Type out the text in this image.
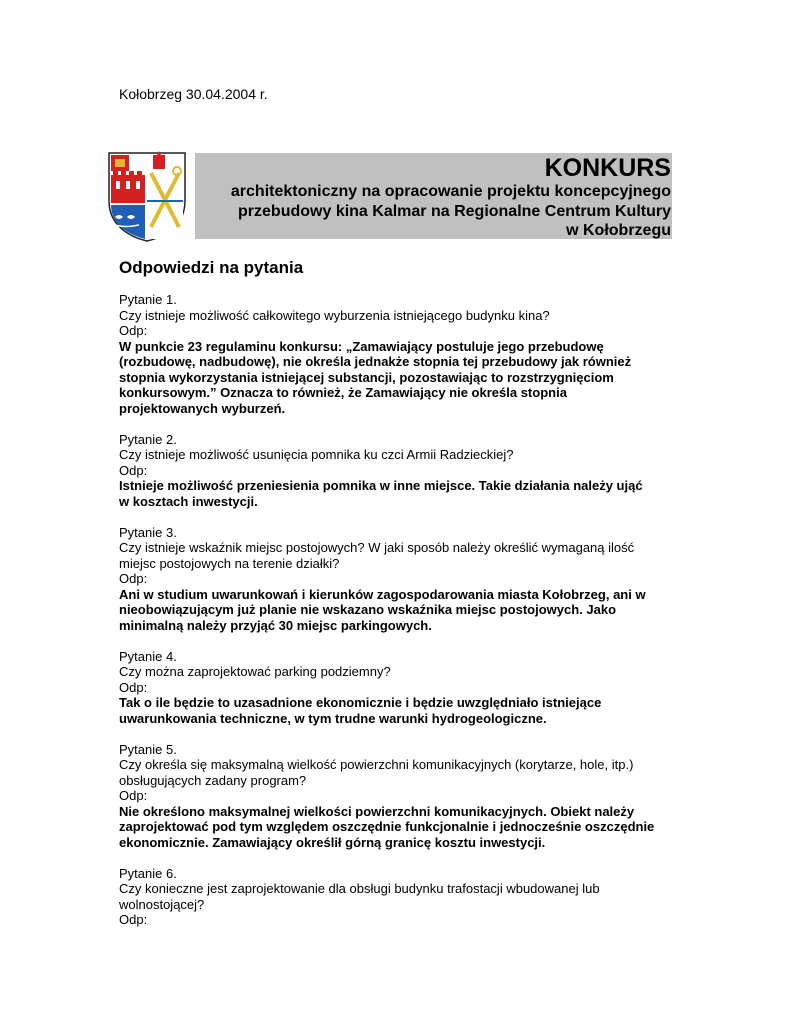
Kołobrzeg 30.04.2004 r.
KONKURS
architektoniczny na opracowanie projektu koncepcyjnego
przebudowy kina Kalmar na Regionalne Centrum Kultury
w Kołobrzegu
Odpowiedzi na pytania
Pytanie 1.
Czy istnieje możliwość całkowitego wyburzenia istniejącego budynku kina?
Odp:
W punkcie 23 regulaminu konkursu: „Zamawiający postuluje jego przebudowę
(rozbudowę, nadbudowę), nie określa jednakże stopnia tej przebudowy jak również
stopnia wykorzystania istniejącej substancji, pozostawiając to rozstrzygnięciom
konkursowym.” Oznacza to również, że Zamawiający nie określa stopnia
projektowanych wyburzeń.
Pytanie 2.
Czy istnieje możliwość usunięcia pomnika ku czci Armii Radzieckiej?
Odp:
Istnieje możliwość przeniesienia pomnika w inne miejsce. Takie działania należy ująć
w kosztach inwestycji.
Pytanie 3.
Czy istnieje wskaźnik miejsc postojowych? W jaki sposób należy określić wymaganą ilość
miejsc postojowych na terenie działki?
Odp:
Ani w studium uwarunkowań i kierunków zagospodarowania miasta Kołobrzeg, ani w
nieobowiązującym już planie nie wskazano wskaźnika miejsc postojowych. Jako
minimalną należy przyjąć 30 miejsc parkingowych.
Pytanie 4.
Czy można zaprojektować parking podziemny?
Odp:
Tak o ile będzie to uzasadnione ekonomicznie i będzie uwzględniało istniejące
uwarunkowania techniczne, w tym trudne warunki hydrogeologiczne.
Pytanie 5.
Czy określa się maksymalną wielkość powierzchni komunikacyjnych (korytarze, hole, itp.)
obsługujących zadany program?
Odp:
Nie określono maksymalnej wielkości powierzchni komunikacyjnych. Obiekt należy
zaprojektować pod tym względem oszczędnie funkcjonalnie i jednocześnie oszczędnie
ekonomicznie. Zamawiający określił górną granicę kosztu inwestycji.
Pytanie 6.
Czy konieczne jest zaprojektowanie dla obsługi budynku trafostacji wbudowanej lub
wolnostojącej?
Odp:
